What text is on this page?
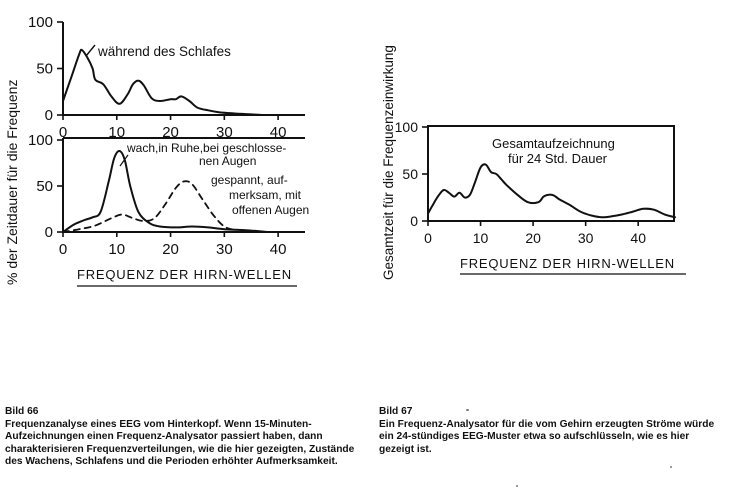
% der Zeitdauer für die Frequenz
während des Schlafes
0
50
100
0	10 20 30 40
wach,in Ruhe,bei geschlosse-
nen Augen
gespannt, auf-
merksam, mit
offenen Augen
0
50
100
0	10 20 30 40
FREQUENZ DER HIRN-WELLEN	Gesamtzeit für die Frequenzeinwirkung	Gesamtaufzeichnung
für 24 Std. Dauer
0
50
100
0	10	20	30	40
FREQUENZ DER HIRN-WELLEN
Bild 66
Frequenzanalyse eines EEG vom Hinterkopf. Wenn 15-Minuten-Aufzeichnungen einen Frequenz-Analysator passiert haben, dann charakterisieren Frequenzverteilungen, wie die hier gezeigten, Zustände des Wachens, Schlafens und die Perioden erhöhter Aufmerksamkeit.
Bild 67
Ein Frequenz-Analysator für die vom Gehirn erzeugten Ströme würde ein 24-stündiges EEG-Muster etwa so aufschlüsseln, wie es hier gezeigt ist.
